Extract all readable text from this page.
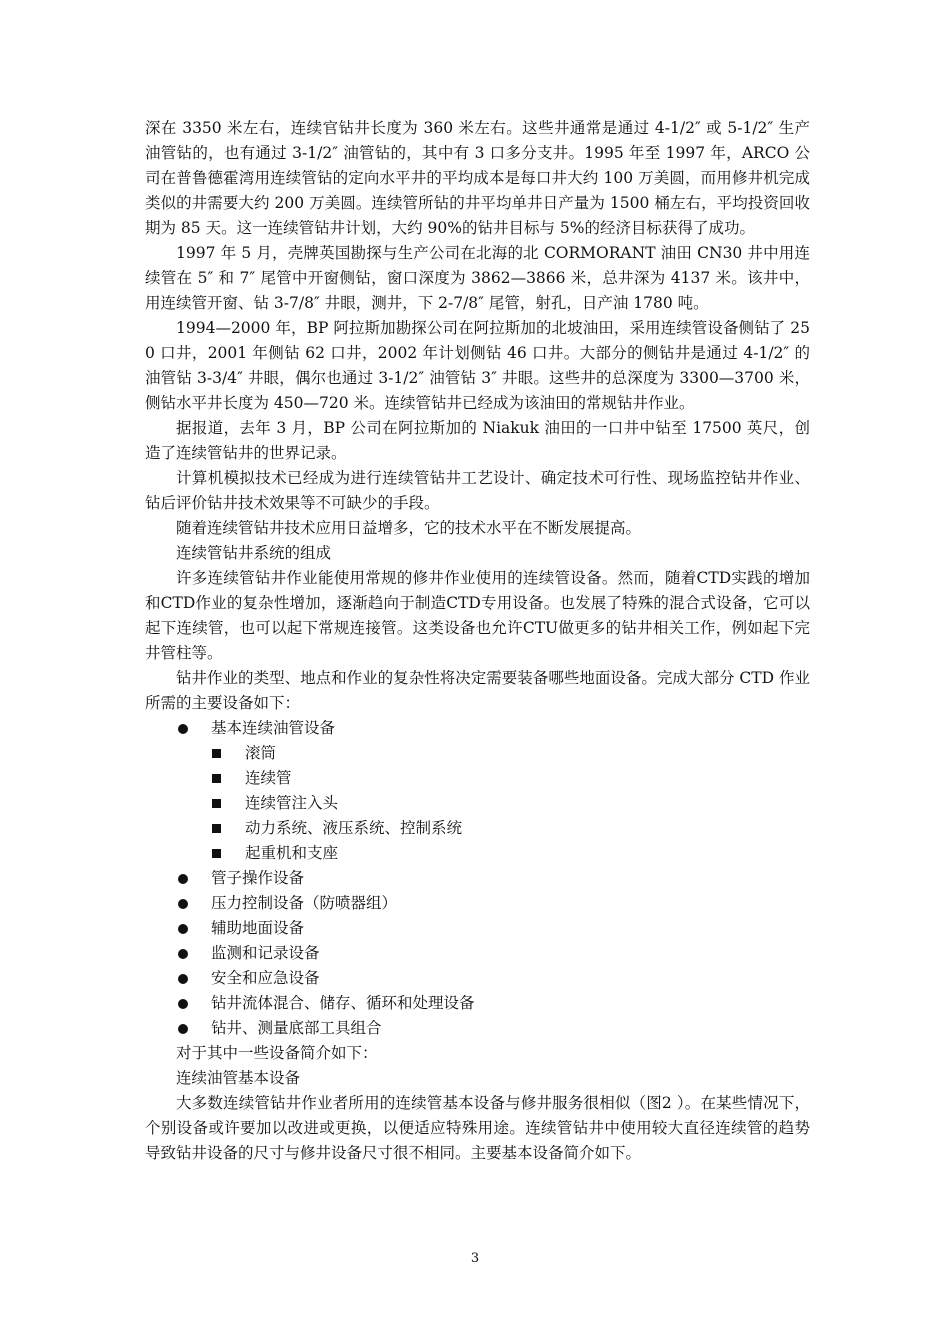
深在 3350 米左右，连续官钻井长度为 360 米左右。这些井通常是通过 4-1/2″ 或 5-1/2″ 生产油管钻的，也有通过 3-1/2″ 油管钻的，其中有 3 口多分支井。1995 年至 1997 年，ARCO 公司在普鲁德霍湾用连续管钻的定向水平井的平均成本是每口井大约 100 万美圆，而用修井机完成类似的井需要大约 200 万美圆。连续管所钻的井平均单井日产量为 1500 桶左右，平均投资回收期为 85 天。这一连续管钻井计划，大约 90%的钻井目标与 5%的经济目标获得了成功。

1997 年 5 月，壳牌英国勘探与生产公司在北海的北 CORMORANT 油田 CN30 井中用连续管在 5″ 和 7″ 尾管中开窗侧钻，窗口深度为 3862—3866 米，总井深为 4137 米。该井中，用连续管开窗、钻 3-7/8″ 井眼，测井，下 2-7/8″ 尾管，射孔，日产油 1780 吨。

1994—2000 年，BP 阿拉斯加勘探公司在阿拉斯加的北坡油田，采用连续管设备侧钻了 250 口井，2001 年侧钻 62 口井，2002 年计划侧钻 46 口井。大部分的侧钻井是通过 4-1/2″ 的油管钻 3-3/4″ 井眼，偶尔也通过 3-1/2″ 油管钻 3″ 井眼。这些井的总深度为 3300—3700 米，侧钻水平井长度为 450—720 米。连续管钻井已经成为该油田的常规钻井作业。

据报道，去年 3 月，BP 公司在阿拉斯加的 Niakuk 油田的一口井中钻至 17500 英尺，创造了连续管钻井的世界记录。

计算机模拟技术已经成为进行连续管钻井工艺设计、确定技术可行性、现场监控钻井作业、钻后评价钻井技术效果等不可缺少的手段。

随着连续管钻井技术应用日益增多，它的技术水平在不断发展提高。

连续管钻井系统的组成

许多连续管钻井作业能使用常规的修井作业使用的连续管设备。然而，随着CTD实践的增加和CTD作业的复杂性增加，逐渐趋向于制造CTD专用设备。也发展了特殊的混合式设备，它可以起下连续管，也可以起下常规连接管。这类设备也允许CTU做更多的钻井相关工作，例如起下完井管柱等。

钻井作业的类型、地点和作业的复杂性将决定需要装备哪些地面设备。完成大部分 CTD 作业所需的主要设备如下：

基本连续油管设备
滚筒
连续管
连续管注入头
动力系统、液压系统、控制系统
起重机和支座
管子操作设备
压力控制设备（防喷器组）
辅助地面设备
监测和记录设备
安全和应急设备
钻井流体混合、储存、循环和处理设备
钻井、测量底部工具组合

对于其中一些设备简介如下：

连续油管基本设备

大多数连续管钻井作业者所用的连续管基本设备与修井服务很相似（图2 ）。在某些情况下，个别设备或许要加以改进或更换，以便适应特殊用途。连续管钻井中使用较大直径连续管的趋势导致钻井设备的尺寸与修井设备尺寸很不相同。主要基本设备简介如下。

3
